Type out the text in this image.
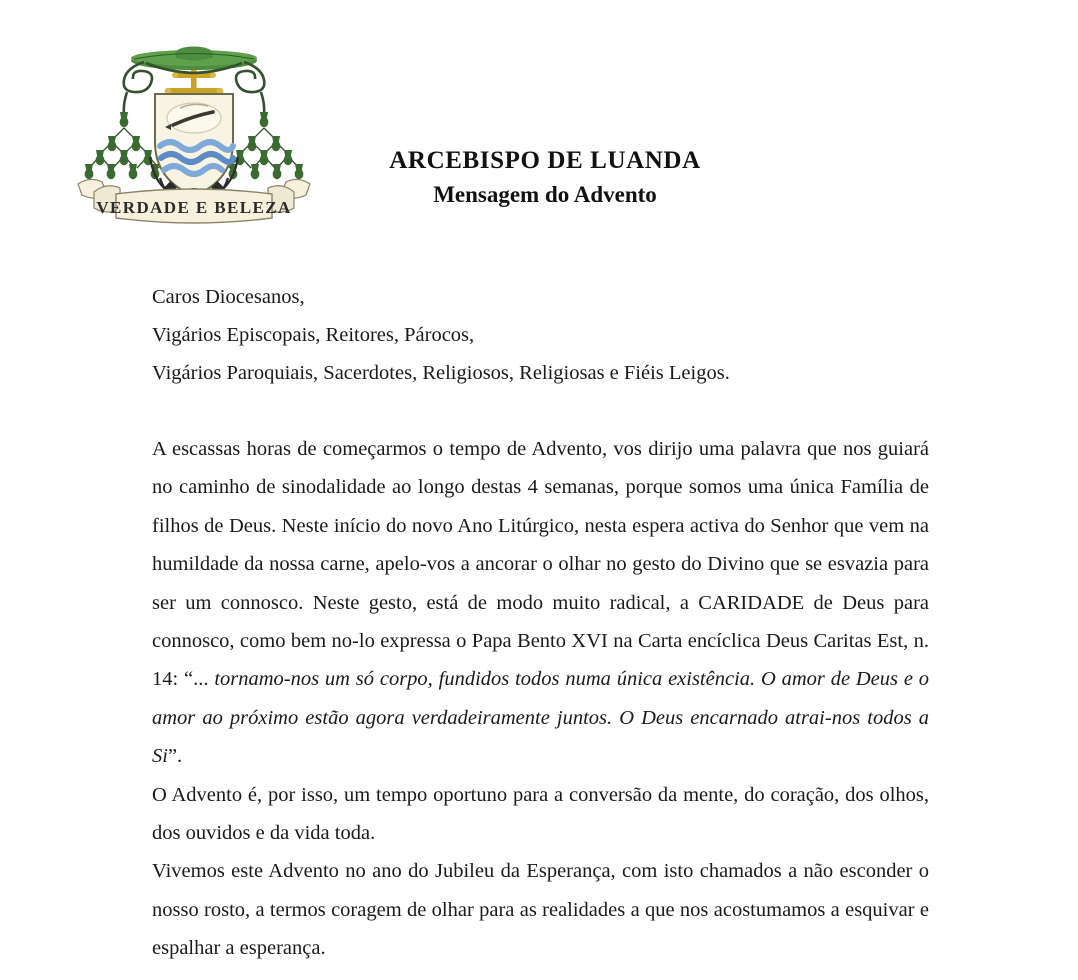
VERDADE E BELEZA
ARCEBISPO DE LUANDA
Mensagem do Advento

Caros Diocesanos,

Vigários Episcopais, Reitores, Párocos,

Vigários Paroquiais, Sacerdotes, Religiosos, Religiosas e Fiéis Leigos.

A escassas horas de começarmos o tempo de Advento, vos dirijo uma palavra que nos guiará no caminho de sinodalidade ao longo destas 4 semanas, porque somos uma única Família de filhos de Deus. Neste início do novo Ano Litúrgico, nesta espera activa do Senhor que vem na humildade da nossa carne, apelo-vos a ancorar o olhar no gesto do Divino que se esvazia para ser um connosco. Neste gesto, está de modo muito radical, a CARIDADE de Deus para connosco, como bem no-lo expressa o Papa Bento XVI na Carta encíclica Deus Caritas Est, n. 14: “... tornamo-nos um só corpo, fundidos todos numa única existência. O amor de Deus e o amor ao próximo estão agora verdadeiramente juntos. O Deus encarnado atrai-nos todos a Si”.

O Advento é, por isso, um tempo oportuno para a conversão da mente, do coração, dos olhos, dos ouvidos e da vida toda.

Vivemos este Advento no ano do Jubileu da Esperança, com isto chamados a não esconder o nosso rosto, a termos coragem de olhar para as realidades a que nos acostumamos a esquivar e espalhar a esperança.
